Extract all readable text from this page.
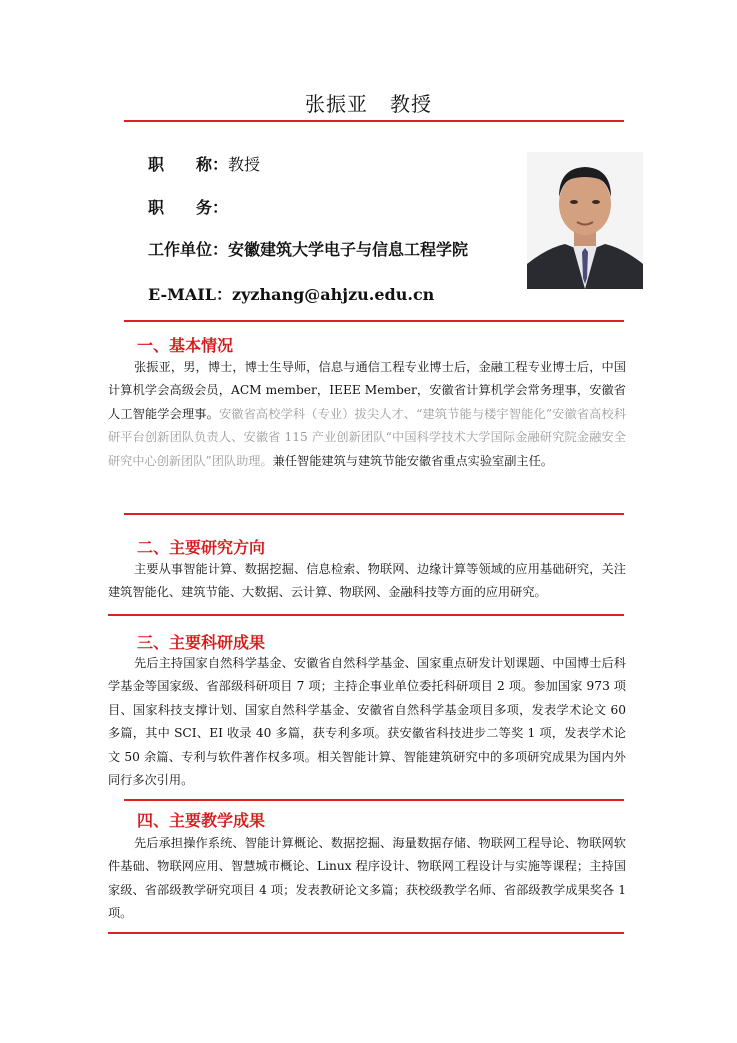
张振亚 教授
职　　称：教授
职　　务：
工作单位：安徽建筑大学电子与信息工程学院
E-MAIL：zyzhang@ahjzu.edu.cn
一、基本情况
张振亚，男，博士，博士生导师，信息与通信工程专业博士后，金融工程专业博士后，中国计算机学会高级会员，ACM member，IEEE Member，安徽省计算机学会常务理事，安徽省人工智能学会理事。安徽省高校学科（专业）拔尖人才、“建筑节能与楼宇智能化”安徽省高校科研平台创新团队负责人、安徽省 115 产业创新团队“中国科学技术大学国际金融研究院金融安全研究中心创新团队”团队助理。兼任智能建筑与建筑节能安徽省重点实验室副主任。
二、主要研究方向
主要从事智能计算、数据挖掘、信息检索、物联网、边缘计算等领域的应用基础研究，关注建筑智能化、建筑节能、大数据、云计算、物联网、金融科技等方面的应用研究。
三、主要科研成果
先后主持国家自然科学基金、安徽省自然科学基金、国家重点研发计划课题、中国博士后科学基金等国家级、省部级科研项目 7 项；主持企事业单位委托科研项目 2 项。参加国家 973 项目、国家科技支撑计划、国家自然科学基金、安徽省自然科学基金项目多项，发表学术论文 60 多篇，其中 SCI、EI 收录 40 多篇，获专利多项。获安徽省科技进步二等奖 1 项，发表学术论文 50 余篇、专利与软件著作权多项。相关智能计算、智能建筑研究中的多项研究成果为国内外同行多次引用。
四、主要教学成果
先后承担操作系统、智能计算概论、数据挖掘、海量数据存储、物联网工程导论、物联网软件基础、物联网应用、智慧城市概论、Linux 程序设计、物联网工程设计与实施等课程；主持国家级、省部级教学研究项目 4 项；发表教研论文多篇；获校级教学名师、省部级教学成果奖各 1 项。
